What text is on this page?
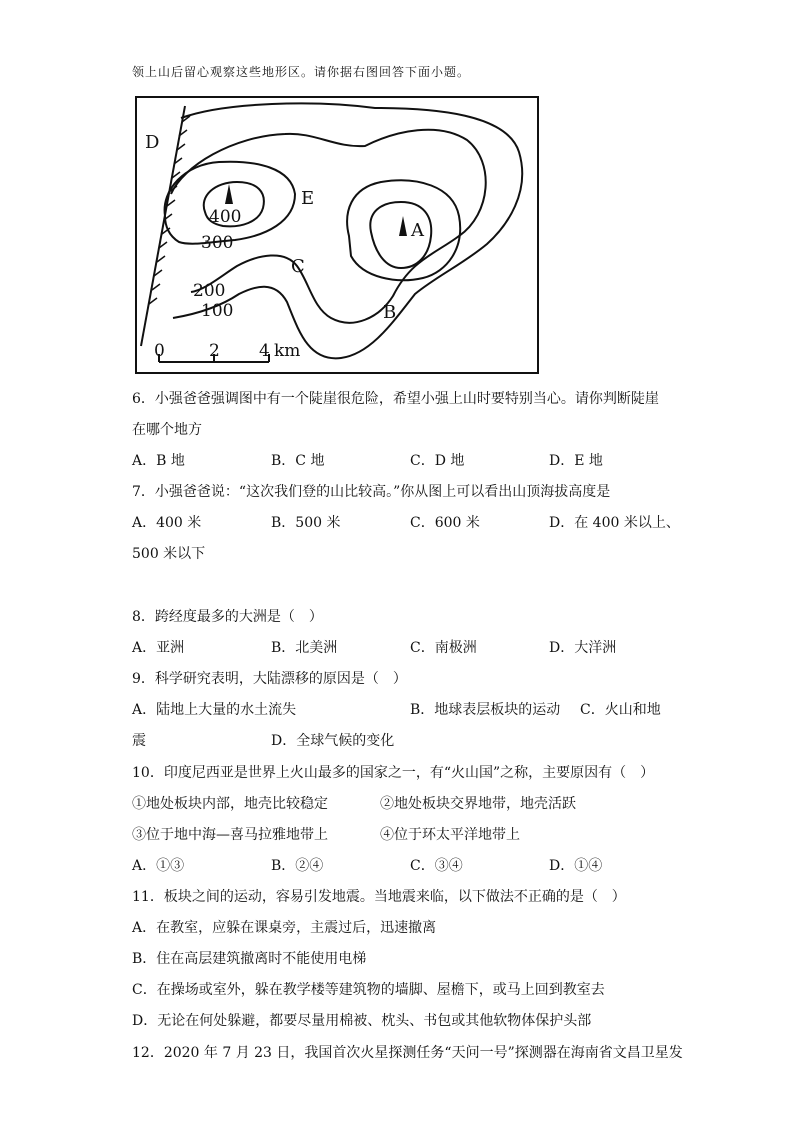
领上山后留心观察这些地形区。请你据右图回答下面小题。
D
E
A
C
B
400
300
200
100
0	2 4 km
6．小强爸爸强调图中有一个陡崖很危险，希望小强上山时要特别当心。请你判断陡崖
在哪个地方
A．B 地	B．C 地	C．D 地	D．E 地
7．小强爸爸说：“这次我们登的山比较高。”你从图上可以看出山顶海拔高度是
A．400 米	B．500 米	C．600 米	D．在 400 米以上、
500 米以下
8．跨经度最多的大洲是（　）
A．亚洲	B．北美洲	C．南极洲	D．大洋洲
9．科学研究表明，大陆漂移的原因是（　）
A．陆地上大量的水土流失	B．地球表层板块的运动 C．火山和地
震	D．全球气候的变化
10．印度尼西亚是世界上火山最多的国家之一，有“火山国”之称，主要原因有（　）
①地处板块内部，地壳比较稳定	②地处板块交界地带，地壳活跃
③位于地中海—喜马拉雅地带上	④位于环太平洋地带上
A．①③	B．②④	C．③④	D．①④
11．板块之间的运动，容易引发地震。当地震来临，以下做法不正确的是（　）
A．在教室，应躲在课桌旁，主震过后，迅速撤离
B．住在高层建筑撤离时不能使用电梯
C．在操场或室外，躲在教学楼等建筑物的墙脚、屋檐下，或马上回到教室去
D．无论在何处躲避，都要尽量用棉被、枕头、书包或其他软物体保护头部
12．2020 年 7 月 23 日，我国首次火星探测任务“天问一号”探测器在海南省文昌卫星发
